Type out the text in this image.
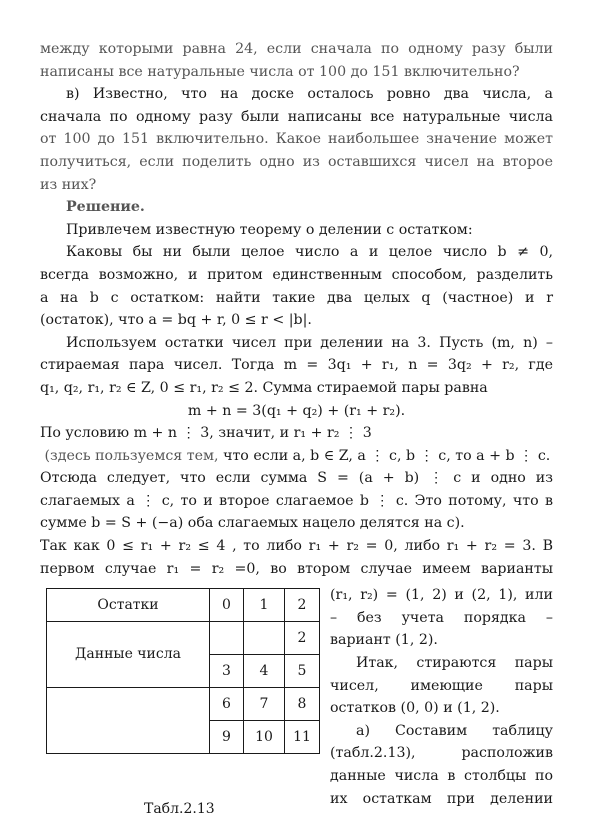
между которыми равна 24, если сначала по одному разу были

написаны все натуральные числа от 100 до 151 включительно?

в) Известно, что на доске осталось ровно два числа, а

сначала по одному разу были написаны все натуральные числа

от 100 до 151 включительно. Какое наибольшее значение может

получиться, если поделить одно из оставшихся чисел на второе

из них?

Решение.

Привлечем известную теорему о делении с остатком:

Каковы бы ни были целое число a и целое число b ≠ 0,

всегда возможно, и притом единственным способом, разделить

a на b с остатком: найти такие два целых q (частное) и r

(остаток), что a = bq + r, 0 ≤ r < |b|.

Используем остатки чисел при делении на 3. Пусть (m, n) –

стираемая пара чисел. Тогда m = 3q₁ + r₁, n = 3q₂ + r₂, где

q₁, q₂, r₁, r₂ ∈ Z, 0 ≤ r₁, r₂ ≤ 2. Сумма стираемой пары равна

m + n = 3(q₁ + q₂) + (r₁ + r₂).

По условию m + n ⋮ 3, значит, и r₁ + r₂ ⋮ 3

(здесь пользуемся тем, что если a, b ∈ Z, a ⋮ c, b ⋮ c, то a + b ⋮ c.

Отсюда следует, что если сумма S = (a + b) ⋮ c и одно из

слагаемых a ⋮ c, то и второе слагаемое b ⋮ c. Это потому, что в

сумме b = S + (−a) оба слагаемых нацело делятся на c).

Так как 0 ≤ r₁ + r₂ ≤ 4 , то либо r₁ + r₂ = 0, либо r₁ + r₂ = 3. В

первом случае r₁ = r₂ =0, во втором случае имеем варианты

Остатки	0	1	2
Данные числа			2
	3	4	5
	6	7	8
	9	10	11
Табл.2.13

(r₁, r₂) = (1, 2) и (2, 1), или

– без учета порядка –

вариант (1, 2).

Итак, стираются пары

чисел, имеющие пары

остатков (0, 0) и (1, 2).

а) Составим таблицу

(табл.2.13), расположив

данные числа в столбцы по

их остаткам при делении
